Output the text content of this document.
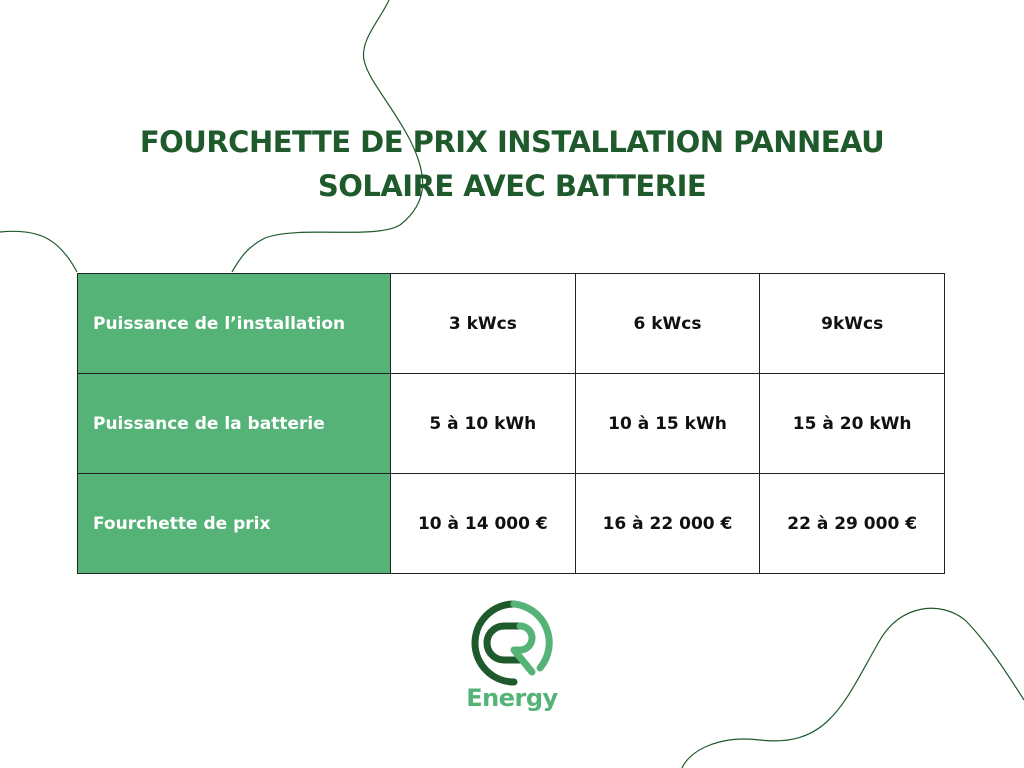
FOURCHETTE DE PRIX INSTALLATION PANNEAU
SOLAIRE AVEC BATTERIE
Puissance de l’installation	3 kWcs	6 kWcs	9kWcs
Puissance de la batterie	5 à 10 kWh	10 à 15 kWh	15 à 20 kWh
Fourchette de prix	10 à 14 000 €	16 à 22 000 €	22 à 29 000 €
Energy
